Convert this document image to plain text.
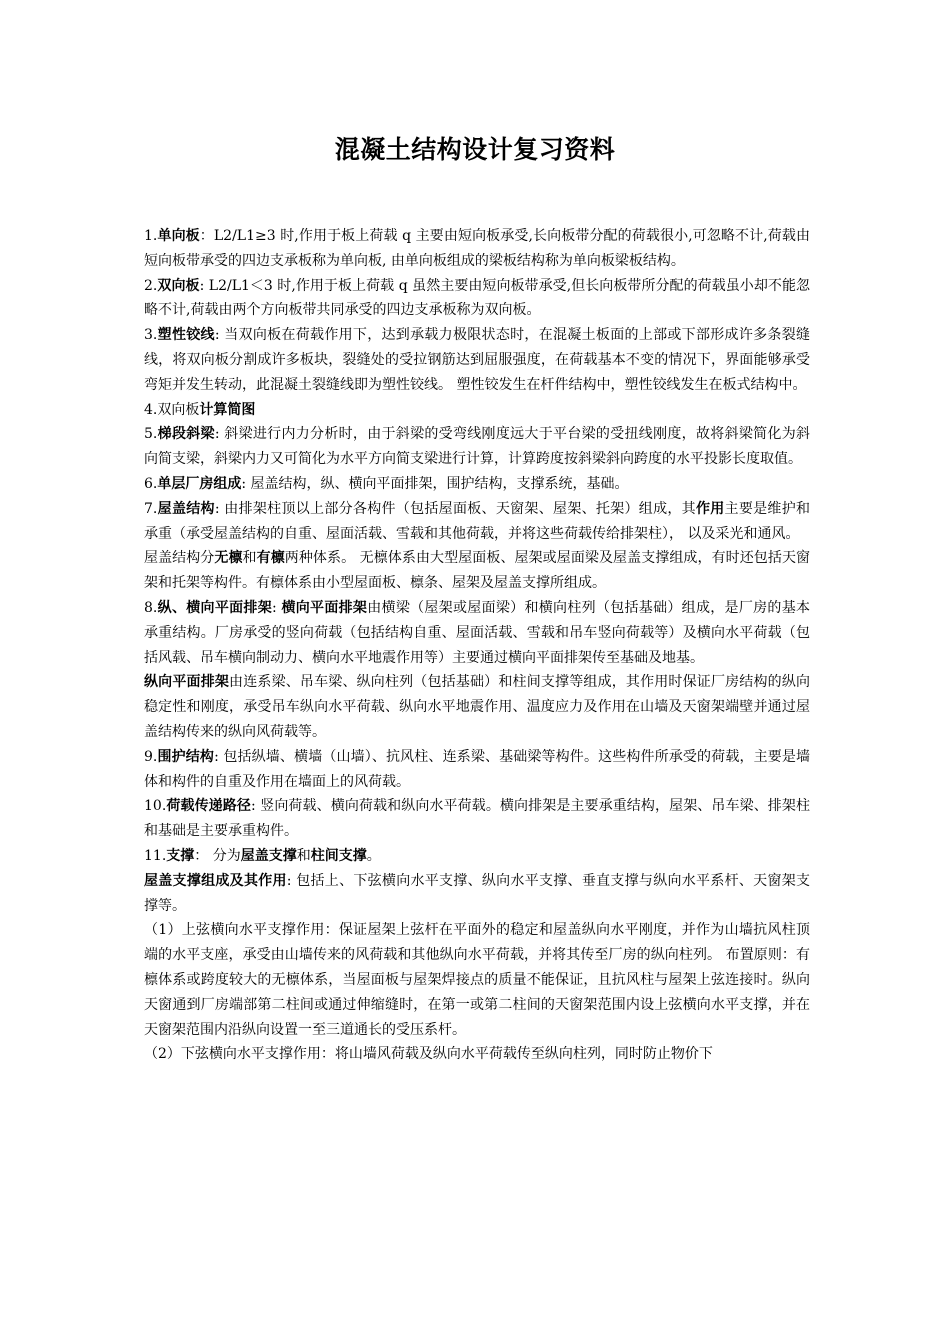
混凝土结构设计复习资料

1.单向板：L2/L1≥3 时,作用于板上荷载 q 主要由短向板承受,长向板带分配的荷载很小,可忽略不计,荷载由短向板带承受的四边支承板称为单向板, 由单向板组成的梁板结构称为单向板梁板结构。

2.双向板: L2/L1＜3 时,作用于板上荷载 q 虽然主要由短向板带承受,但长向板带所分配的荷载虽小却不能忽略不计,荷载由两个方向板带共同承受的四边支承板称为双向板。

3.塑性铰线: 当双向板在荷载作用下，达到承载力极限状态时，在混凝土板面的上部或下部形成许多条裂缝线，将双向板分割成许多板块，裂缝处的受拉钢筋达到屈服强度，在荷载基本不变的情况下，界面能够承受弯矩并发生转动，此混凝土裂缝线即为塑性铰线。 塑性铰发生在杆件结构中，塑性铰线发生在板式结构中。

4.双向板计算简图

5.梯段斜梁: 斜梁进行内力分析时，由于斜梁的受弯线刚度远大于平台梁的受扭线刚度，故将斜梁简化为斜向简支梁，斜梁内力又可简化为水平方向简支梁进行计算，计算跨度按斜梁斜向跨度的水平投影长度取值。

6.单层厂房组成: 屋盖结构，纵、横向平面排架，围护结构，支撑系统，基础。

7.屋盖结构: 由排架柱顶以上部分各构件（包括屋面板、天窗架、屋架、托架）组成，其作用主要是维护和承重（承受屋盖结构的自重、屋面活载、雪载和其他荷载，并将这些荷载传给排架柱）， 以及采光和通风。

屋盖结构分无檩和有檩两种体系。 无檩体系由大型屋面板、屋架或屋面梁及屋盖支撑组成，有时还包括天窗架和托架等构件。有檩体系由小型屋面板、檩条、屋架及屋盖支撑所组成。

8.纵、横向平面排架: 横向平面排架由横梁（屋架或屋面梁）和横向柱列（包括基础）组成，是厂房的基本承重结构。厂房承受的竖向荷载（包括结构自重、屋面活载、雪载和吊车竖向荷载等）及横向水平荷载（包括风载、吊车横向制动力、横向水平地震作用等）主要通过横向平面排架传至基础及地基。

纵向平面排架由连系梁、吊车梁、纵向柱列（包括基础）和柱间支撑等组成，其作用时保证厂房结构的纵向稳定性和刚度，承受吊车纵向水平荷载、纵向水平地震作用、温度应力及作用在山墙及天窗架端壁并通过屋盖结构传来的纵向风荷载等。

9.围护结构: 包括纵墙、横墙（山墙）、抗风柱、连系梁、基础梁等构件。这些构件所承受的荷载，主要是墙体和构件的自重及作用在墙面上的风荷载。

10.荷载传递路径: 竖向荷载、横向荷载和纵向水平荷载。横向排架是主要承重结构，屋架、吊车梁、排架柱和基础是主要承重构件。

11.支撑： 分为屋盖支撑和柱间支撑。

屋盖支撑组成及其作用: 包括上、下弦横向水平支撑、纵向水平支撑、垂直支撑与纵向水平系杆、天窗架支撑等。

（1）上弦横向水平支撑作用：保证屋架上弦杆在平面外的稳定和屋盖纵向水平刚度，并作为山墙抗风柱顶端的水平支座，承受由山墙传来的风荷载和其他纵向水平荷载，并将其传至厂房的纵向柱列。 布置原则：有檩体系或跨度较大的无檩体系，当屋面板与屋架焊接点的质量不能保证，且抗风柱与屋架上弦连接时。纵向天窗通到厂房端部第二柱间或通过伸缩缝时，在第一或第二柱间的天窗架范围内设上弦横向水平支撑，并在天窗架范围内沿纵向设置一至三道通长的受压系杆。

（2）下弦横向水平支撑作用：将山墙风荷载及纵向水平荷载传至纵向柱列，同时防止物价下
